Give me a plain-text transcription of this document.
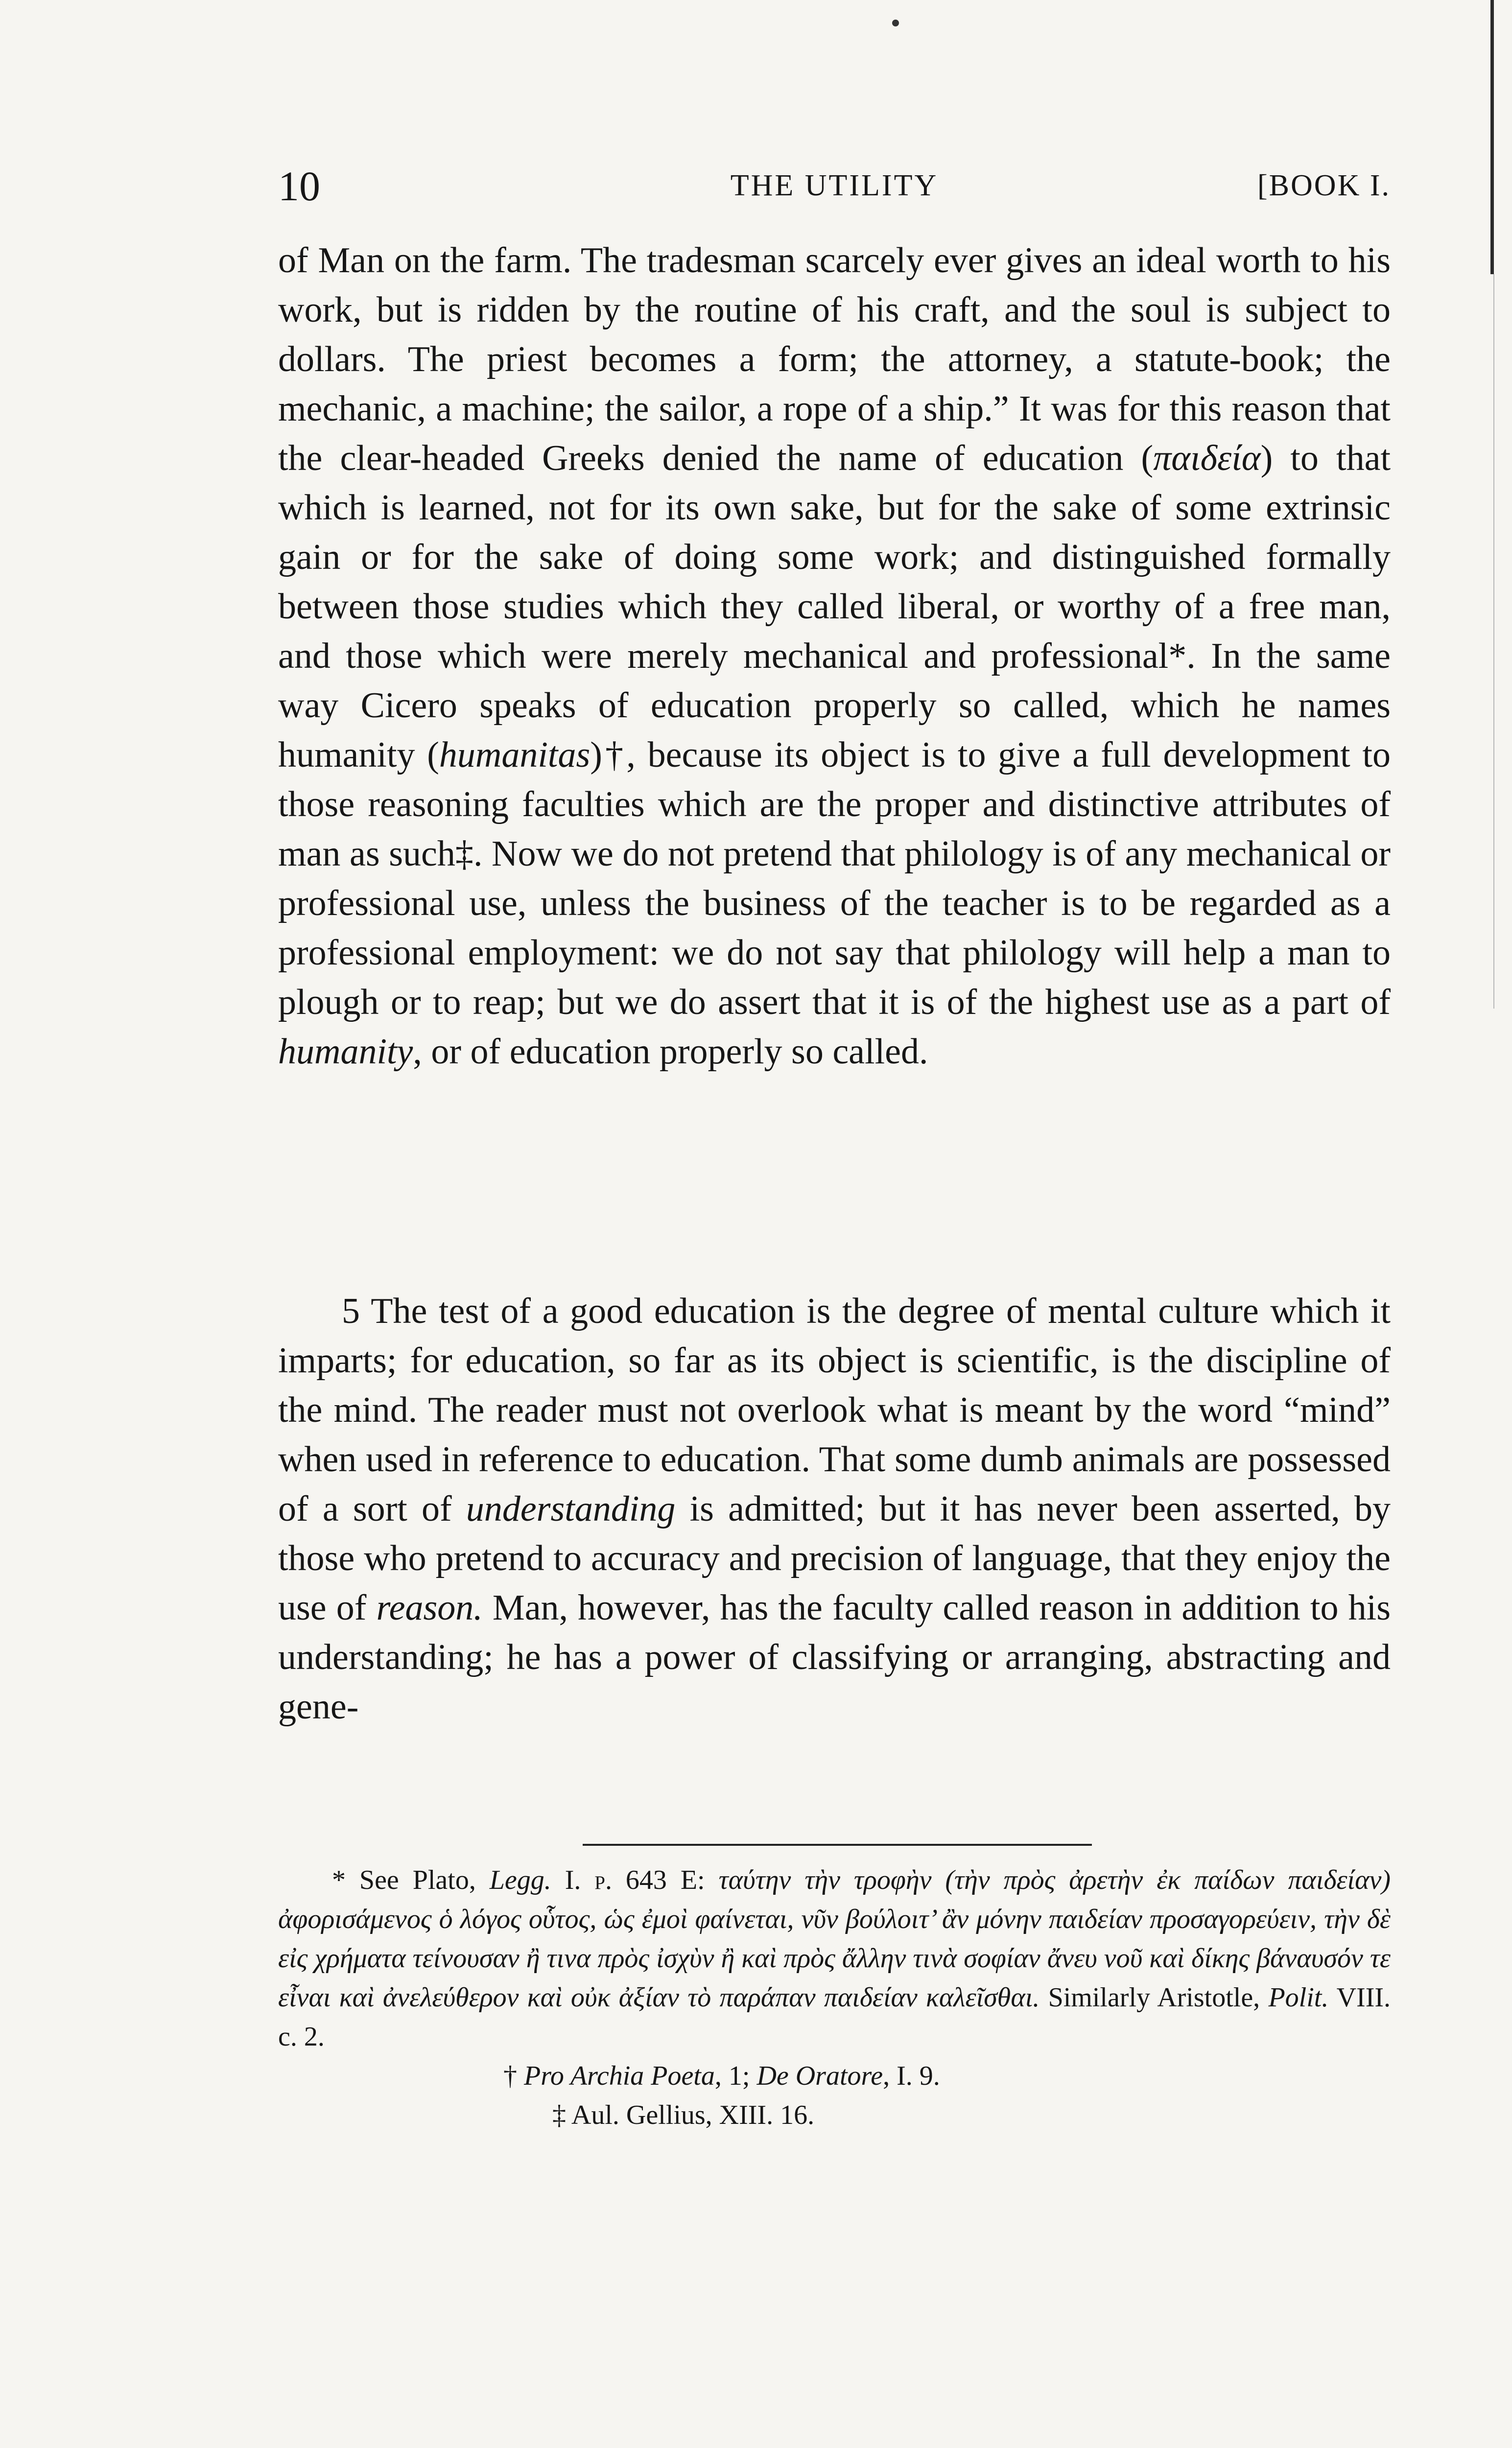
10	THE UTILITY	[BOOK I.

of Man on the farm. The tradesman scarcely ever gives an ideal worth to his work, but is ridden by the routine of his craft, and the soul is subject to dollars. The priest becomes a form; the attorney, a statute-book; the mechanic, a machine; the sailor, a rope of a ship.” It was for this reason that the clear-headed Greeks denied the name of education (παιδεία) to that which is learned, not for its own sake, but for the sake of some extrinsic gain or for the sake of doing some work; and distinguished formally between those studies which they called liberal, or worthy of a free man, and those which were merely mechanical and professional*. In the same way Cicero speaks of education properly so called, which he names humanity (humanitas)†, because its object is to give a full development to those reasoning faculties which are the proper and distinctive attributes of man as such‡. Now we do not pretend that philology is of any mechanical or professional use, unless the business of the teacher is to be regarded as a professional employment: we do not say that philology will help a man to plough or to reap; but we do assert that it is of the highest use as a part of humanity, or of education properly so called.

5 The test of a good education is the degree of mental culture which it imparts; for education, so far as its object is scientific, is the discipline of the mind. The reader must not overlook what is meant by the word “mind” when used in reference to education. That some dumb animals are possessed of a sort of understanding is admitted; but it has never been asserted, by those who pretend to accuracy and precision of language, that they enjoy the use of reason. Man, however, has the faculty called reason in addition to his understanding; he has a power of classifying or arranging, abstracting and gene-

* See Plato, Legg. I. p. 643 E: ταύτην τὴν τροφὴν (τὴν πρὸς ἀρετὴν ἐκ παίδων παιδείαν) ἀφορισάμενος ὁ λόγος οὗτος, ὡς ἐμοὶ φαίνεται, νῦν βούλοιτ’ ἂν μόνην παιδείαν προσαγορεύειν, τὴν δὲ εἰς χρήματα τείνουσαν ἢ τινα πρὸς ἰσχὺν ἢ καὶ πρὸς ἄλλην τινὰ σοφίαν ἄνευ νοῦ καὶ δίκης βάναυσόν τε εἶναι καὶ ἀνελεύθερον καὶ οὐκ ἀξίαν τὸ παράπαν παιδείαν καλεῖσθαι. Similarly Aristotle, Polit. VIII. c. 2.

† Pro Archia Poeta, 1; De Oratore, I. 9.

‡ Aul. Gellius, XIII. 16.
